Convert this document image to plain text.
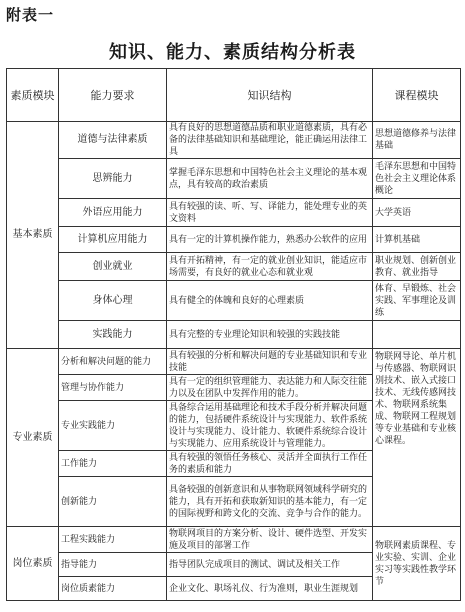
附表一
知识、能力、素质结构分析表
素质模块	能力要求	知识结构	课程模块
基本素质	道德与法律素质	具有良好的思想道德品质和职业道德素质，具有必备的法律基础知识和基础理论，能正确运用法律工具	思想道德修养与法律基础
	思辨能力	掌握毛泽东思想和中国特色社会主义理论的基本观点，具有较高的政治素质	毛泽东思想和中国特色社会主义理论体系概论
	外语应用能力	具有较强的读、听、写、译能力，能处理专业的英文资料	大学英语
	计算机应用能力	具有一定的计算机操作能力，熟悉办公软件的应用	计算机基础
	创业就业	具有开拓精神，有一定的就业创业知识，能适应市场需要，有良好的就业心态和就业观	职业规划、创新创业教育、就业指导
	身体心理	具有健全的体魄和良好的心理素质	体育、早锻炼、社会实践、军事理论及训练
	实践能力	具有完整的专业理论知识和较强的实践技能	
专业素质	分析和解决问题的能力	具有较强的分析和解决问题的专业基础知识和专业技能	物联网导论、单片机与传感器、物联网识别技术、嵌入式接口技术、无线传感网技术、物联网系统集成、物联网工程规划等专业基础和专业核心课程。
	管理与协作能力	具有一定的组织管理能力、表达能力和人际交往能力以及在团队中发挥作用的能力。	
	专业实践能力	具备综合运用基础理论和技术手段分析并解决问题的能力，包括硬件系统设计与实现能力、软件系统设计与实现能力、设计能力、软硬件系统综合设计与实现能力、应用系统设计与管理能力。	
	工作能力	具有较强的领悟任务核心、灵活并全面执行工作任务的素质和能力	
	创新能力	具备较强的创新意识和从事物联网领域科学研究的能力，具有开拓和获取新知识的基本能力，有一定的国际视野和跨文化的交流、竞争与合作的能力。	
岗位素质	工程实践能力	物联网项目的方案分析、设计、硬件选型、开发实施及项目的部署工作	物联网素质课程、专业实验、实训、企业实习等实践性教学环节
	指导能力	指导团队完成项目的测试、调试及相关工作	
	岗位质素能力	企业文化、职场礼仪、行为准则，职业生涯规划	
